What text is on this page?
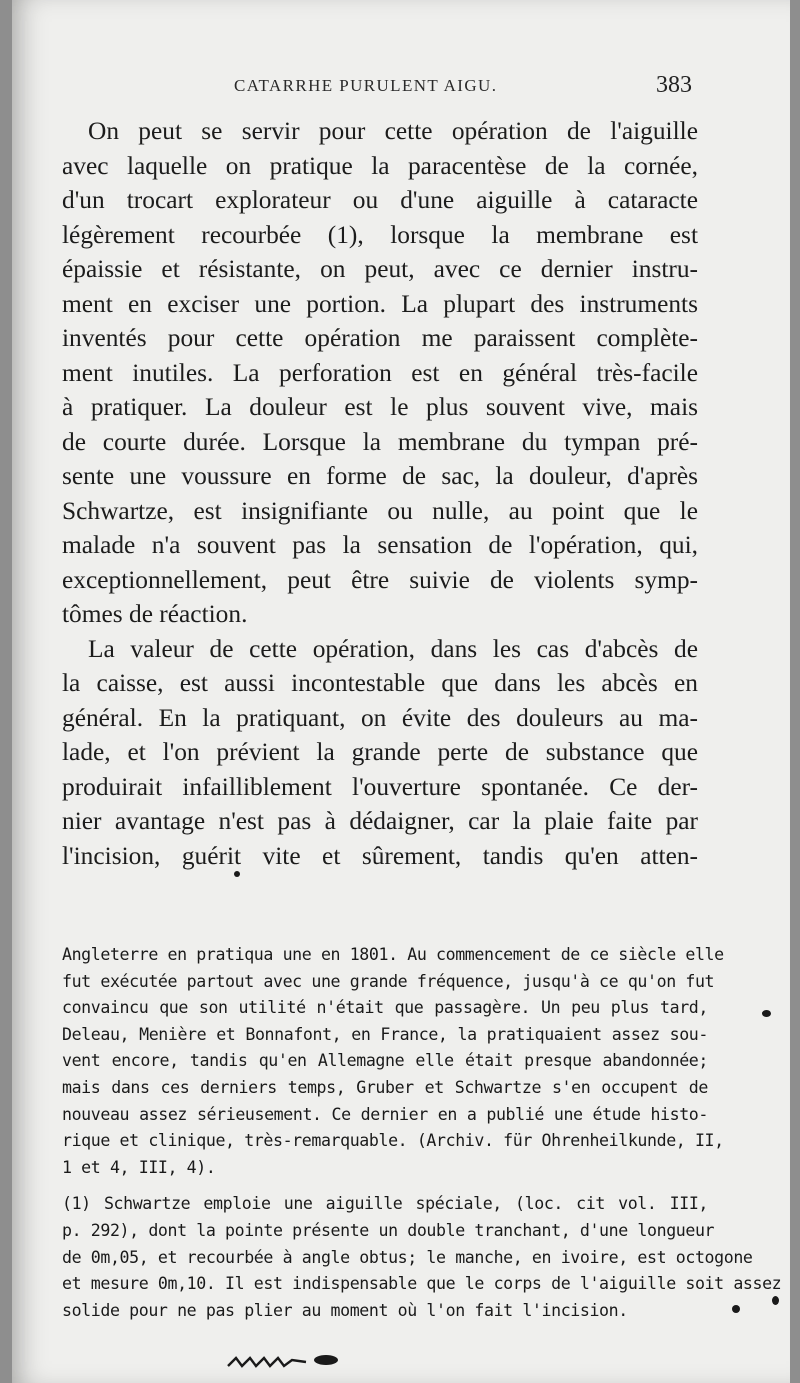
CATARRHE PURULENT AIGU.	383

On peut se servir pour cette opération de l'aiguille
avec laquelle on pratique la paracentèse de la cornée,
d'un trocart explorateur ou d'une aiguille à cataracte
légèrement recourbée (1), lorsque la membrane est
épaissie et résistante, on peut, avec ce dernier instru-
ment en exciser une portion. La plupart des instruments
inventés pour cette opération me paraissent complète-
ment inutiles. La perforation est en général très-facile
à pratiquer. La douleur est le plus souvent vive, mais
de courte durée. Lorsque la membrane du tympan pré-
sente une voussure en forme de sac, la douleur, d'après
Schwartze, est insignifiante ou nulle, au point que le
malade n'a souvent pas la sensation de l'opération, qui,
exceptionnellement, peut être suivie de violents symp-
tômes de réaction.

La valeur de cette opération, dans les cas d'abcès de
la caisse, est aussi incontestable que dans les abcès en
général. En la pratiquant, on évite des douleurs au ma-
lade, et l'on prévient la grande perte de substance que
produirait infailliblement l'ouverture spontanée. Ce der-
nier avantage n'est pas à dédaigner, car la plaie faite par
l'incision, guérit vite et sûrement, tandis qu'en atten-

Angleterre en pratiqua une en 1801. Au commencement de ce siècle elle
fut exécutée partout avec une grande fréquence, jusqu'à ce qu'on fut
convaincu que son utilité n'était que passagère. Un peu plus tard,
Deleau, Menière et Bonnafont, en France, la pratiquaient assez sou-
vent encore, tandis qu'en Allemagne elle était presque abandonnée;
mais dans ces derniers temps, Gruber et Schwartze s'en occupent de
nouveau assez sérieusement. Ce dernier en a publié une étude histo-
rique et clinique, très-remarquable. (Archiv. für Ohrenheilkunde, II,
1 et 4, III, 4).
(1) Schwartze emploie une aiguille spéciale, (loc. cit vol. III,
p. 292), dont la pointe présente un double tranchant, d'une longueur
de 0m,05, et recourbée à angle obtus; le manche, en ivoire, est octogone
et mesure 0m,10. Il est indispensable que le corps de l'aiguille soit assez
solide pour ne pas plier au moment où l'on fait l'incision.
